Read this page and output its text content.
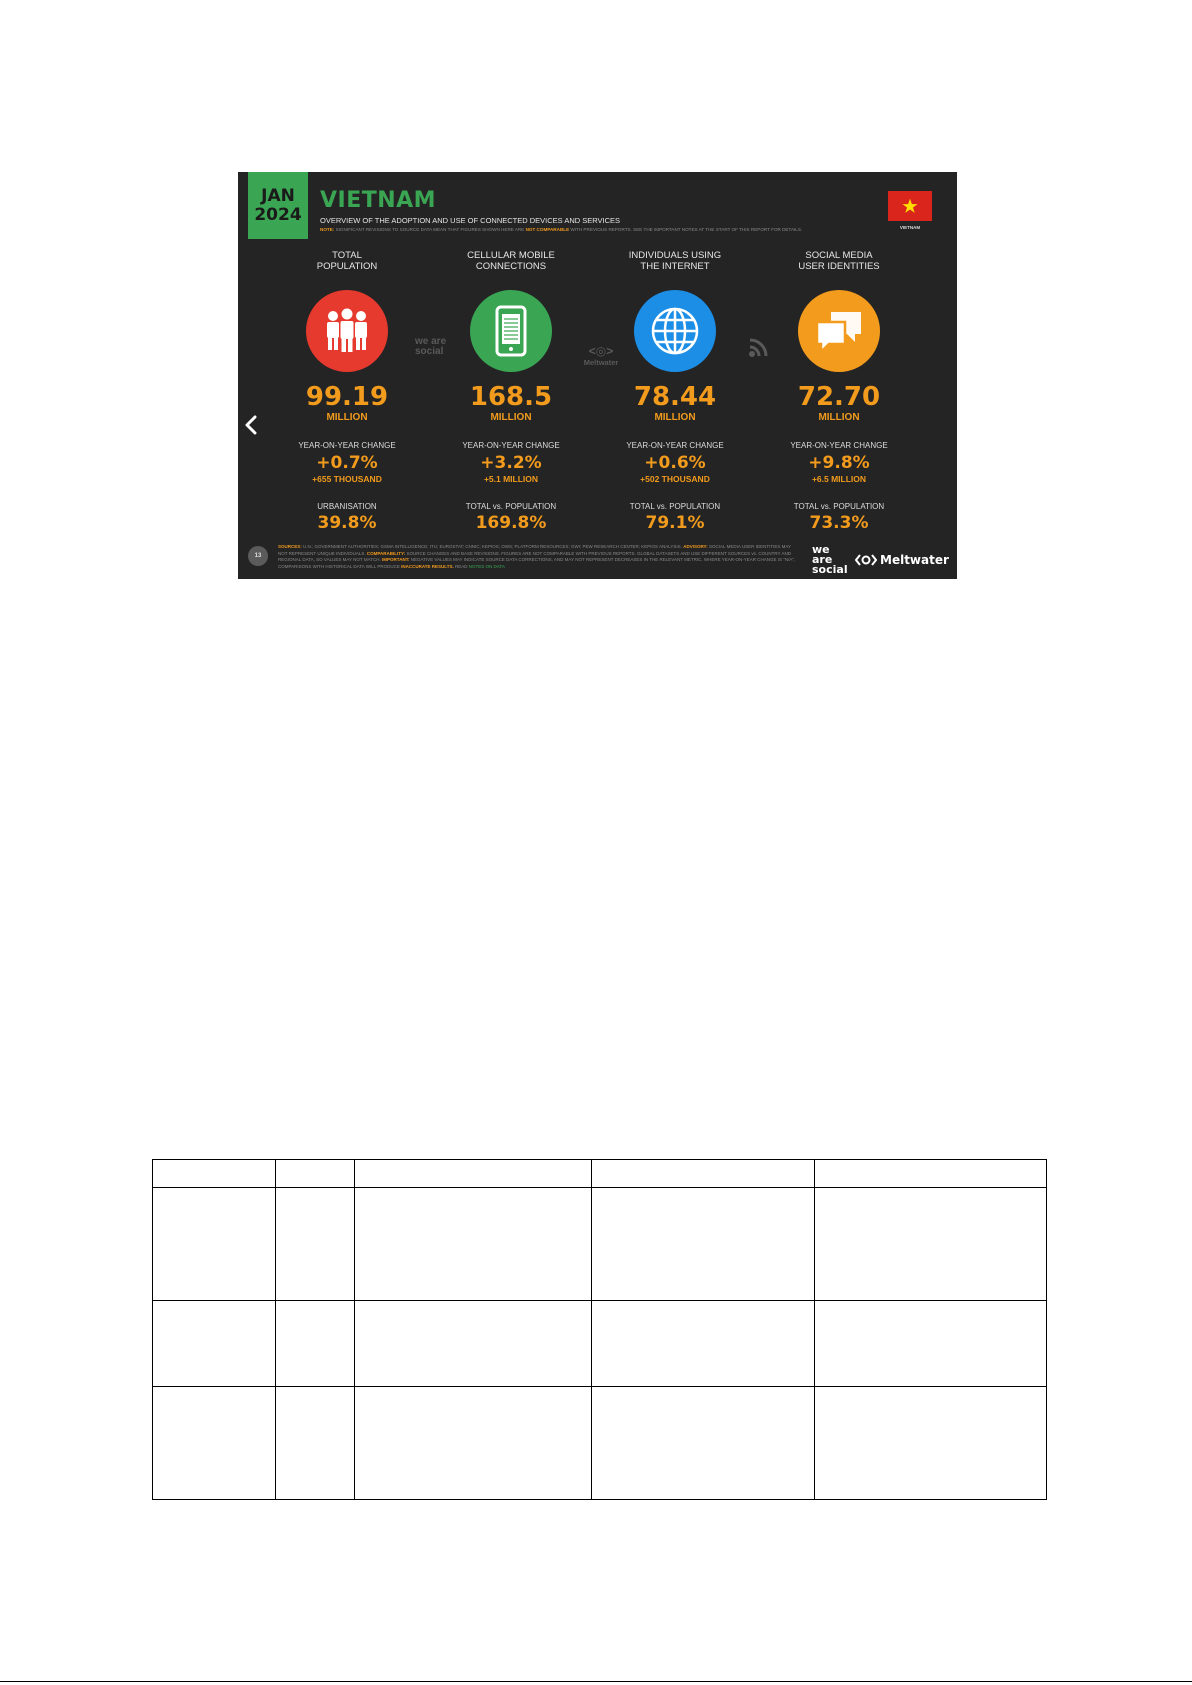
JAN
2024
VIETNAM
OVERVIEW OF THE ADOPTION AND USE OF CONNECTED DEVICES AND SERVICES
NOTE: SIGNIFICANT REVISIONS TO SOURCE DATA MEAN THAT FIGURES SHOWN HERE ARE NOT COMPARABLE WITH PREVIOUS REPORTS. SEE THE IMPORTANT NOTES AT THE START OF THIS REPORT FOR DETAILS.	VIETNAM
we are social	<◎>
Meltwater
TOTAL
POPULATION
99.19
MILLION
YEAR-ON-YEAR CHANGE
+0.7%
+655 THOUSAND
URBANISATION
39.8%
CELLULAR MOBILE
CONNECTIONS
168.5
MILLION
YEAR-ON-YEAR CHANGE
+3.2%
+5.1 MILLION
TOTAL vs. POPULATION
169.8%
INDIVIDUALS USING
THE INTERNET
78.44
MILLION
YEAR-ON-YEAR CHANGE
+0.6%
+502 THOUSAND
TOTAL vs. POPULATION
79.1%
SOCIAL MEDIA
USER IDENTITIES
72.70
MILLION
YEAR-ON-YEAR CHANGE
+9.8%
+6.5 MILLION
TOTAL vs. POPULATION
73.3%
13
SOURCES: U.N.; GOVERNMENT AUTHORITIES; GSMA INTELLIGENCE; ITU; EUROSTAT; CNNIC; KEPIOS; OWS; PLATFORM RESOURCES; GWI; PEW RESEARCH CENTER; KEPIOS ANALYSIS. ADVISORY: SOCIAL MEDIA USER IDENTITIES MAY NOT REPRESENT UNIQUE INDIVIDUALS. COMPARABILITY: SOURCE CHANGES AND BASE REVISIONS. FIGURES ARE NOT COMPARABLE WITH PREVIOUS REPORTS. GLOBAL DATASETS AND USE DIFFERENT SOURCES vs. COUNTRY AND REGIONAL DATA, SO VALUES MAY NOT MATCH. IMPORTANT: NEGATIVE VALUES MAY INDICATE SOURCE DATA CORRECTIONS, AND MAY NOT REPRESENT DECREASES IN THE RELEVANT METRIC. WHERE YEAR-ON-YEAR CHANGE IS "N/A", COMPARISONS WITH HISTORICAL DATA WILL PRODUCE INACCURATE RESULTS. READ NOTES ON DATA
we
are
social
Meltwater
